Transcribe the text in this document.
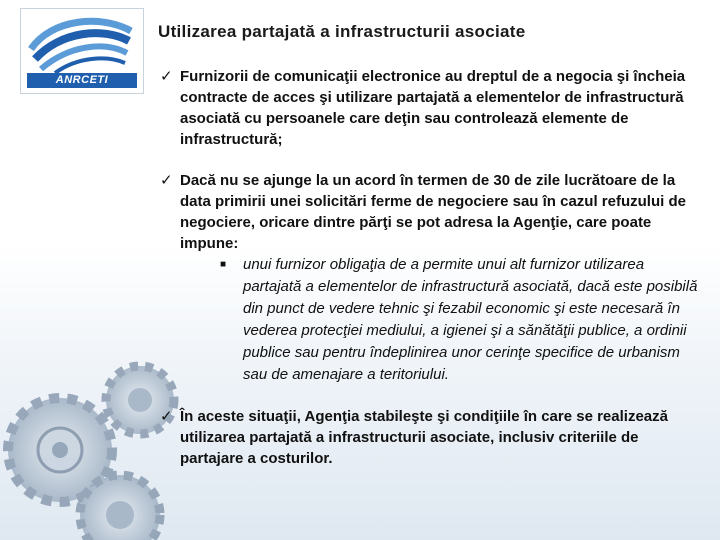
ANRCETI
Utilizarea partajată a infrastructurii asociate
✓ Furnizorii de comunicaţii electronice au dreptul de a negocia şi încheia contracte de acces şi utilizare partajată a elementelor de infrastructură asociată cu persoanele care deţin sau controlează elemente de infrastructură;
✓ Dacă nu se ajunge la un acord în termen de 30 de zile lucrătoare de la data primirii unei solicitări ferme de negociere sau în cazul refuzului de negociere, oricare dintre părţi se pot adresa la Agenţie, care poate impune:
■ unui furnizor obligaţia de a permite unui alt furnizor utilizarea partajată a elementelor de infrastructură asociată, dacă este posibilă din punct de vedere tehnic şi fezabil economic şi este necesară în vederea protecţiei mediului, a igienei şi a sănătăţii publice, a ordinii publice sau pentru îndeplinirea unor cerinţe specifice de urbanism sau de amenajare a teritoriului.
✓ În aceste situaţii, Agenţia stabileşte şi condiţiile în care se realizează utilizarea partajată a infrastructurii asociate, inclusiv criteriile de partajare a costurilor.
